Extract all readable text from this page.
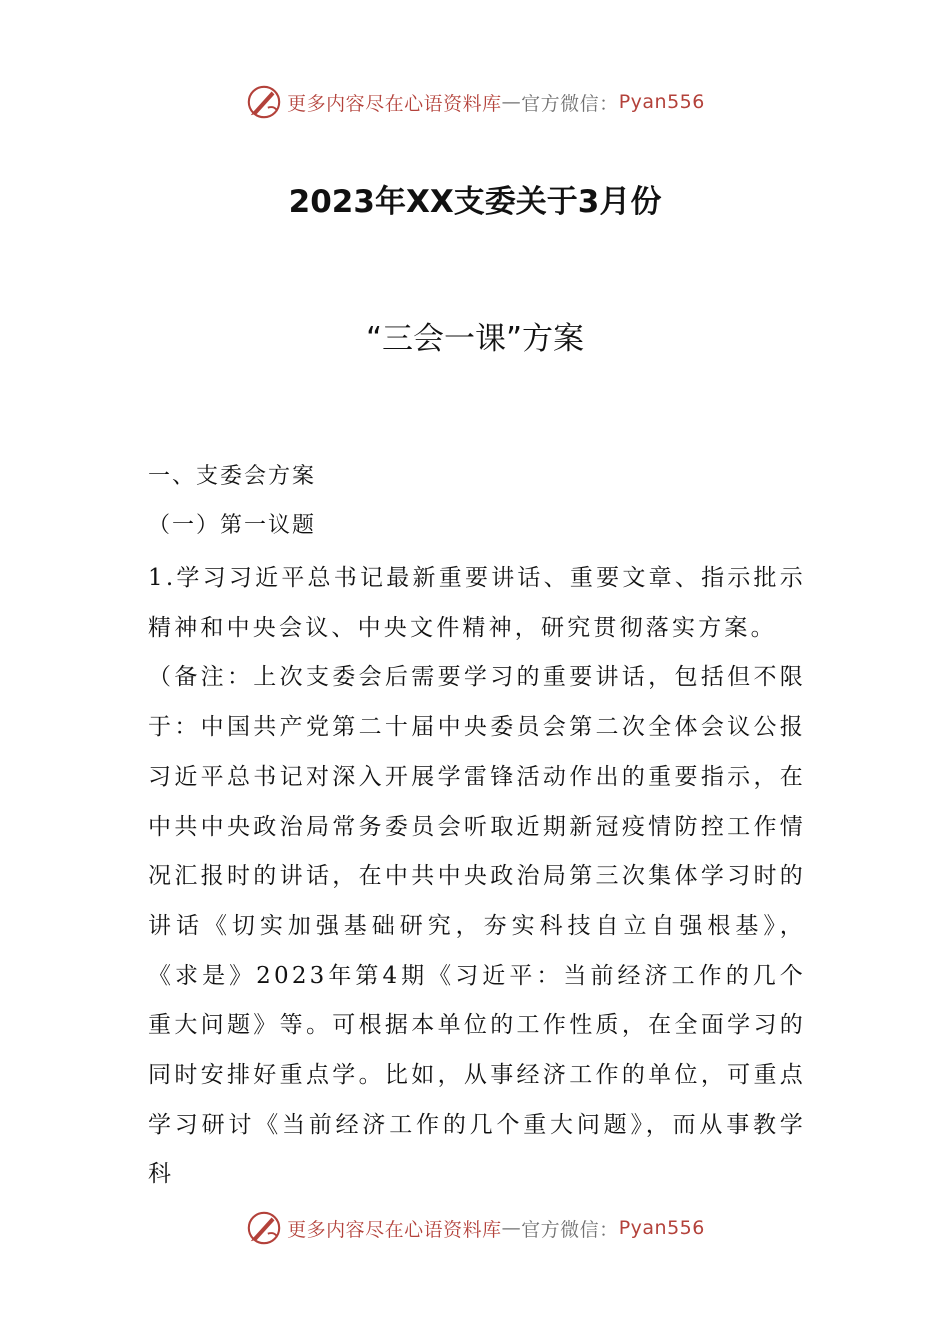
更多内容尽在心语资料库 — 官方微信： Pyan556
2023年XX支委关于3月份
“三会一课”方案
一、支委会方案
（一）第一议题

1.学习习近平总书记最新重要讲话、重要文章、指示批示精神和中央会议、中央文件精神，研究贯彻落实方案。

（备注：上次支委会后需要学习的重要讲话，包括但不限于：中国共产党第二十届中央委员会第二次全体会议公报习近平总书记对深入开展学雷锋活动作出的重要指示，在中共中央政治局常务委员会听取近期新冠疫情防控工作情况汇报时的讲话，在中共中央政治局第三次集体学习时的讲话《切实加强基础研究，夯实科技自立自强根基》，《求是》2023年第4期《习近平：当前经济工作的几个重大问题》等。可根据本单位的工作性质，在全面学习的同时安排好重点学。比如，从事经济工作的单位，可重点学习研讨《当前经济工作的几个重大问题》，而从事教学科

更多内容尽在心语资料库 — 官方微信： Pyan556
